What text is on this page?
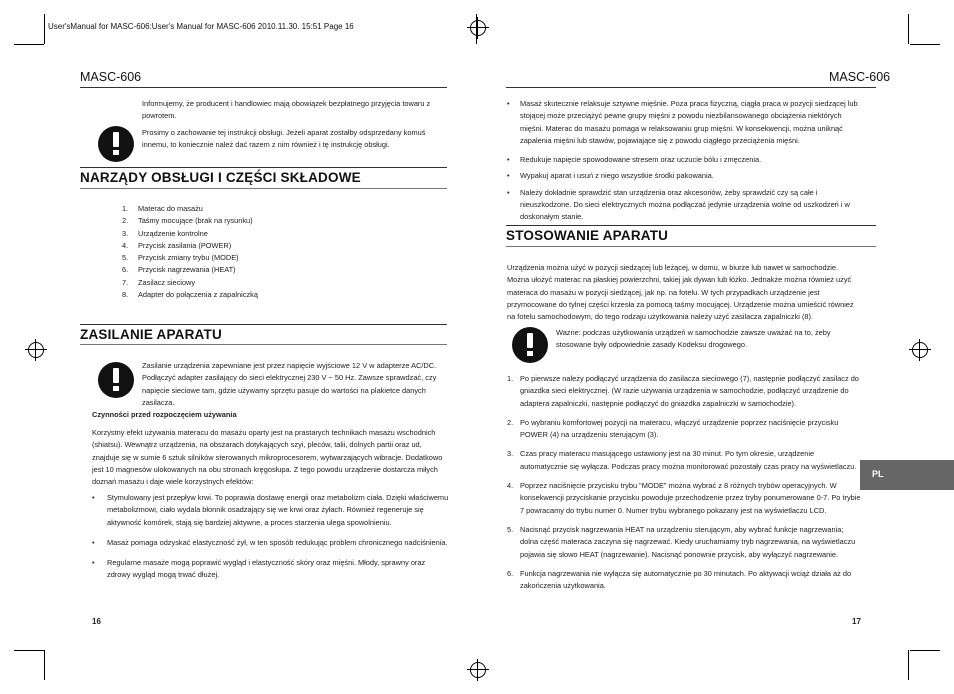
User'sManual for MASC-606:User's Manual for MASC-606 2010.11.30. 15:51 Page 16
MASC-606
Informujemy, że producent i handlowiec mają obowiązek bezpłatnego przyjęcia towaru z powrotem.
Prosimy o zachowanie tej instrukcji obsługi. Jeżeli aparat zostałby odsprzedany komuś innemu, to koniecznie należ dać razem z nim również i tę instrukcję obsługi.
NARZĄDY OBSŁUGI I CZĘŚCI SKŁADOWE
1. Materac do masażu
2. Taśmy mocujące (brak na rysunku)
3. Urządzenie kontrolne
4. Przycisk zasilania (POWER)
5. Przycisk zmiany trybu (MODE)
6. Przycisk nagrzewania (HEAT)
7. Zasilacz sieciowy
8. Adapter do połączenia z zapalniczką
ZASILANIE APARATU
Zasilanie urządzenia zapewniane jest przez napięcie wyjściowe 12 V w adapterze AC/DC. Podłączyć adapter zasilający do sieci elektrycznej 230 V ~ 50 Hz. Zawsze sprawdzać, czy napięcie sieciowe tam, gdzie używamy sprzętu pasuje do wartości na plakietce danych zasilacza.
Czynności przed rozpoczęciem używania
Korzystny efekt używania materacu do masażu oparty jest na prastarych technikach masażu wschodnich (shiatsu). Wewnątrz urządzenia, na obszarach dotykających szyi, pleców, talii, dolnych partii oraz ud, znajduje się w sumie 6 sztuk silników sterowanych mikroprocesorem, wytwarzających wibracje. Dodatkowo jest 10 magnesów ulokowanych na obu stronach kręgosłupa. Z tego powodu urządzenie dostarcza miłych doznań masażu i daje wiele korzystnych efektów:
•	Stymulowany jest przepływ krwi. To poprawia dostawę energii oraz metabolizm ciała. Dzięki właściwemu metabolizmowi, ciało wydala błonnik osadzający się we krwi oraz żyłach. Również regeneruje się aktywność komórek, stają się bardziej aktywne, a proces starzenia ulega spowolnieniu.
•	Masaż pomaga odzyskać elastyczność żył, w ten sposób redukując problem chronicznego nadciśnienia.
•	Regularne masaże mogą poprawić wygląd i elastyczność skóry oraz mięśni. Młody, sprawny oraz zdrowy wygląd mogą trwać dłużej.
16
MASC-606
•	Masaż skutecznie relaksuje sztywne mięśnie. Poza praca fizyczną, ciągła praca w pozycji siedzącej lub stojącej może przeciążyć pewne grupy mięśni z powodu niezbilansowanego obciążenia niektórych mięśni. Materac do masażu pomaga w relaksowaniu grup mięśni. W konsekwencji, można uniknąć zapalenia mięśni lub stawów, pojawiające się z powodu ciągłego przeciążenia mięśni.
•	Redukuje napięcie spowodowane stresem oraz uczucie bólu i zmęczenia.
•	Wypakuj aparat i usuń z niego wszystkie środki pakowania.
•	Należy dokładnie sprawdzić stan urządzenia oraz akcesoriów, żeby sprawdzić czy są całe i nieuszkodzone. Do sieci elektrycznych można podłączać jedynie urządzenia wolne od uszkodzeń i w doskonałym stanie.
STOSOWANIE APARATU
Urządzenia można użyć w pozycji siedzącej lub leżącej, w domu, w biurze lub nawet w samochodzie. Można ułożyć materac na płaskiej powierzchni, takiej jak dywan lub łóżko. Jednakże można również użyć materaca do masażu w pozycji siedzącej, jak np. na fotelu. W tych przypadkach urządzenie jest przymocowane do tylnej części krzesła za pomocą taśmy mocującej. Urządzenie można umieścić również na fotelu samochodowym, do tego rodzaju użytkowania należy użyć zasilacza zapalniczki (8).
Wazne: podczas użytkowania urządzeń w samochodzie zawsze uważać na to, żeby stosowane były odpowiednie zasady Kodeksu drogowego.
1. Po pierwsze należy podłączyć urządzenia do zasilacza sieciowego (7), następnie podłączyć zasilacz do gniazdka sieci elektrycznej. (W razie używania urządzenia w samochodzie, podłączyć urządzenie do adaptera zapalniczki, następnie podłączyć do gniazdka zapalniczki w samochodzie).
2. Po wybraniu komfortowej pozycji na materacu, włączyć urządzenie poprzez naciśnięcie przycisku POWER (4) na urządzeniu sterującym (3).
3. Czas pracy materacu masującego ustawiony jest na 30 minut. Po tym okresie, urządzenie automatycznie się wyłącza. Podczas pracy można monitorować pozostały czas pracy na wyświetlaczu.
4. Poprzez naciśnięcie przycisku trybu "MODE" można wybrać z 8 różnych trybów operacyjnych. W konsekwencji przyciskanie przycisku powoduje przechodzenie przez tryby ponumerowane 0-7. Po trybie 7 powracamy do trybu numer 0. Numer trybu wybranego pokazany jest na wyświetlaczu LCD.
5. Nacisnąć przycisk nagrzewania HEAT na urządzeniu sterującym, aby wybrać funkcje nagrzewania; dolna część materaca zaczyna się nagrzewać. Kiedy uruchamiamy tryb nagrzewania, na wyświetlaczu pojawia się słowo HEAT (nagrzewanie). Nacisnąć ponownie przycisk, aby wyłączyć nagrzewanie.
6. Funkcja nagrzewania nie wyłącza się automatycznie po 30 minutach. Po aktywacji wciąż działa aż do zakończenia użytkowania.
PL
17
